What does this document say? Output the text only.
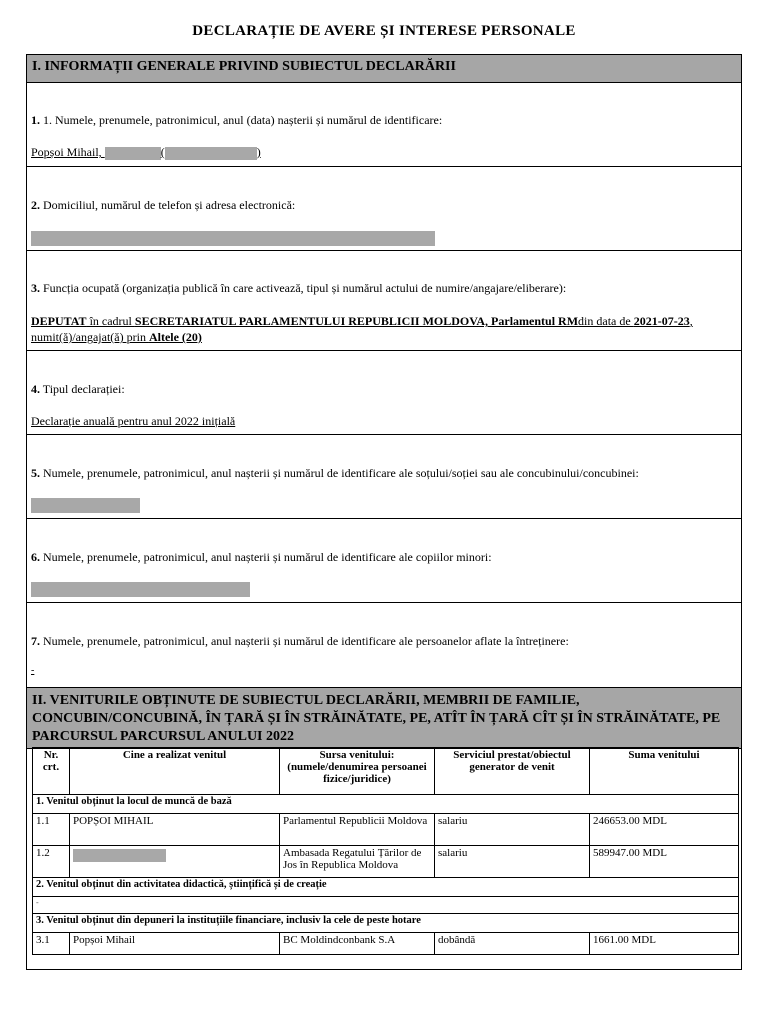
DECLARAȚIE DE AVERE ȘI INTERESE PERSONALE
I. INFORMAȚII GENERALE PRIVIND SUBIECTUL DECLARĂRII
1. 1. Numele, prenumele, patronimicul, anul (data) nașterii și numărul de identificare:
Popșoi Mihail,	(	)
2. Domiciliul, numărul de telefon și adresa electronică:
3. Funcția ocupată (organizația publică în care activează, tipul și numărul actului de numire/angajare/eliberare):
DEPUTAT în cadrul SECRETARIATUL PARLAMENTULUI REPUBLICII MOLDOVA, Parlamentul RMdin data de 2021-07-23, numit(ă)/angajat(ă) prin Altele (20)
4. Tipul declarației:
Declarație anuală pentru anul 2022 inițială
5. Numele, prenumele, patronimicul, anul nașterii și numărul de identificare ale soțului/soției sau ale concubinului/concubinei:
6. Numele, prenumele, patronimicul, anul nașterii și numărul de identificare ale copiilor minori:
7. Numele, prenumele, patronimicul, anul nașterii și numărul de identificare ale persoanelor aflate la întreținere:
-
II. VENITURILE OBȚINUTE DE SUBIECTUL DECLARĂRII, MEMBRII DE FAMILIE, CONCUBIN/CONCUBINĂ, ÎN ȚARĂ ȘI ÎN STRĂINĂTATE, PE, ATÎT ÎN ȚARĂ CÎT ȘI ÎN STRĂINĂTATE, PE PARCURSUL PARCURSUL ANULUI 2022
Nr. crt.	Cine a realizat venitul	Sursa venitului: (numele/denumirea persoanei fizice/juridice)	Serviciul prestat/obiectul generator de venit	Suma venitului
1. Venitul obținut la locul de muncă de bază				
1.1	POPȘOI MIHAIL	Parlamentul Republicii Moldova	salariu	246653.00 MDL
1.2		Ambasada Regatului Țărilor de Jos în Republica Moldova	salariu	589947.00 MDL
2. Venitul obținut din activitatea didactică, științifică și de creație				
-				
3. Venitul obținut din depuneri la instituțiile financiare, inclusiv la cele de peste hotare				
3.1	Popșoi Mihail	BC Moldindconbank S.A	dobândă	1661.00 MDL
